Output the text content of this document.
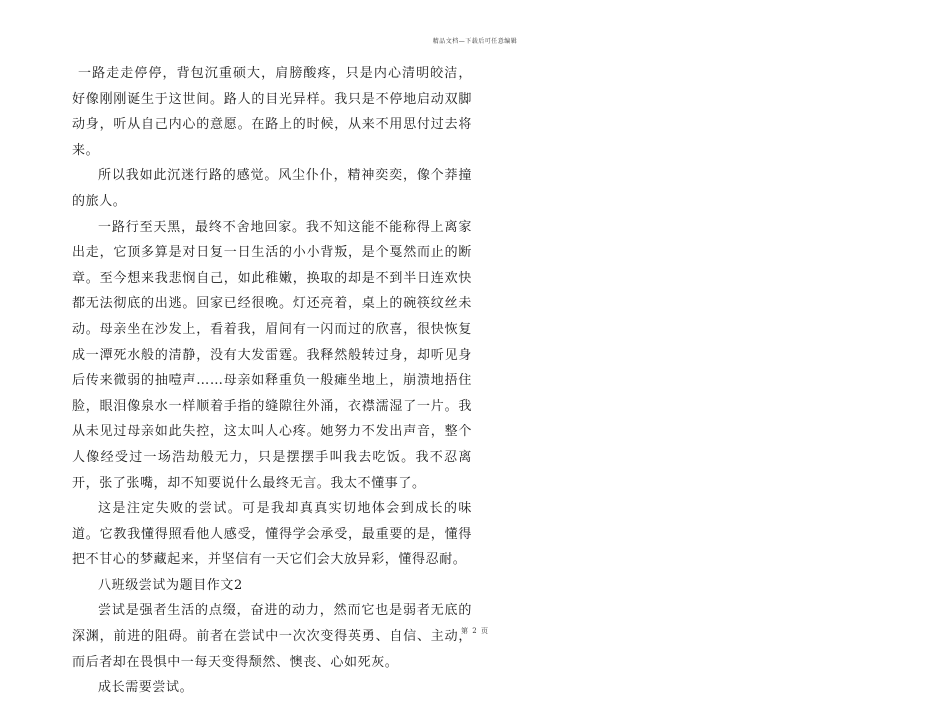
精品文档—下载后可任意编辑

一路走走停停，背包沉重硕大，肩膀酸疼，只是内心清明皎洁，好像刚刚诞生于这世间。路人的目光异样。我只是不停地启动双脚动身，听从自己内心的意愿。在路上的时候，从来不用思付过去将来。

所以我如此沉迷行路的感觉。风尘仆仆，精神奕奕，像个莽撞的旅人。

一路行至天黑，最终不舍地回家。我不知这能不能称得上离家出走，它顶多算是对日复一日生活的小小背叛，是个戛然而止的断章。至今想来我悲悯自己，如此稚嫩，换取的却是不到半日连欢快都无法彻底的出逃。回家已经很晚。灯还亮着，桌上的碗筷纹丝未动。母亲坐在沙发上，看着我，眉间有一闪而过的欣喜，很快恢复成一潭死水般的清静，没有大发雷霆。我释然般转过身，却听见身后传来微弱的抽噎声……母亲如释重负一般瘫坐地上，崩溃地捂住脸，眼泪像泉水一样顺着手指的缝隙往外涌，衣襟濡湿了一片。我从未见过母亲如此失控，这太叫人心疼。她努力不发出声音，整个人像经受过一场浩劫般无力，只是摆摆手叫我去吃饭。我不忍离开，张了张嘴，却不知要说什么最终无言。我太不懂事了。

这是注定失败的尝试。可是我却真真实切地体会到成长的味道。它教我懂得照看他人感受，懂得学会承受，最重要的是，懂得把不甘心的梦藏起来，并坚信有一天它们会大放异彩，懂得忍耐。

八班级尝试为题目作文2

尝试是强者生活的点缀，奋进的动力，然而它也是弱者无底的深渊，前进的阻碍。前者在尝试中一次次变得英勇、自信、主动，而后者却在畏惧中一每天变得颓然、懊丧、心如死灰。

成长需要尝试。

第 2 页
